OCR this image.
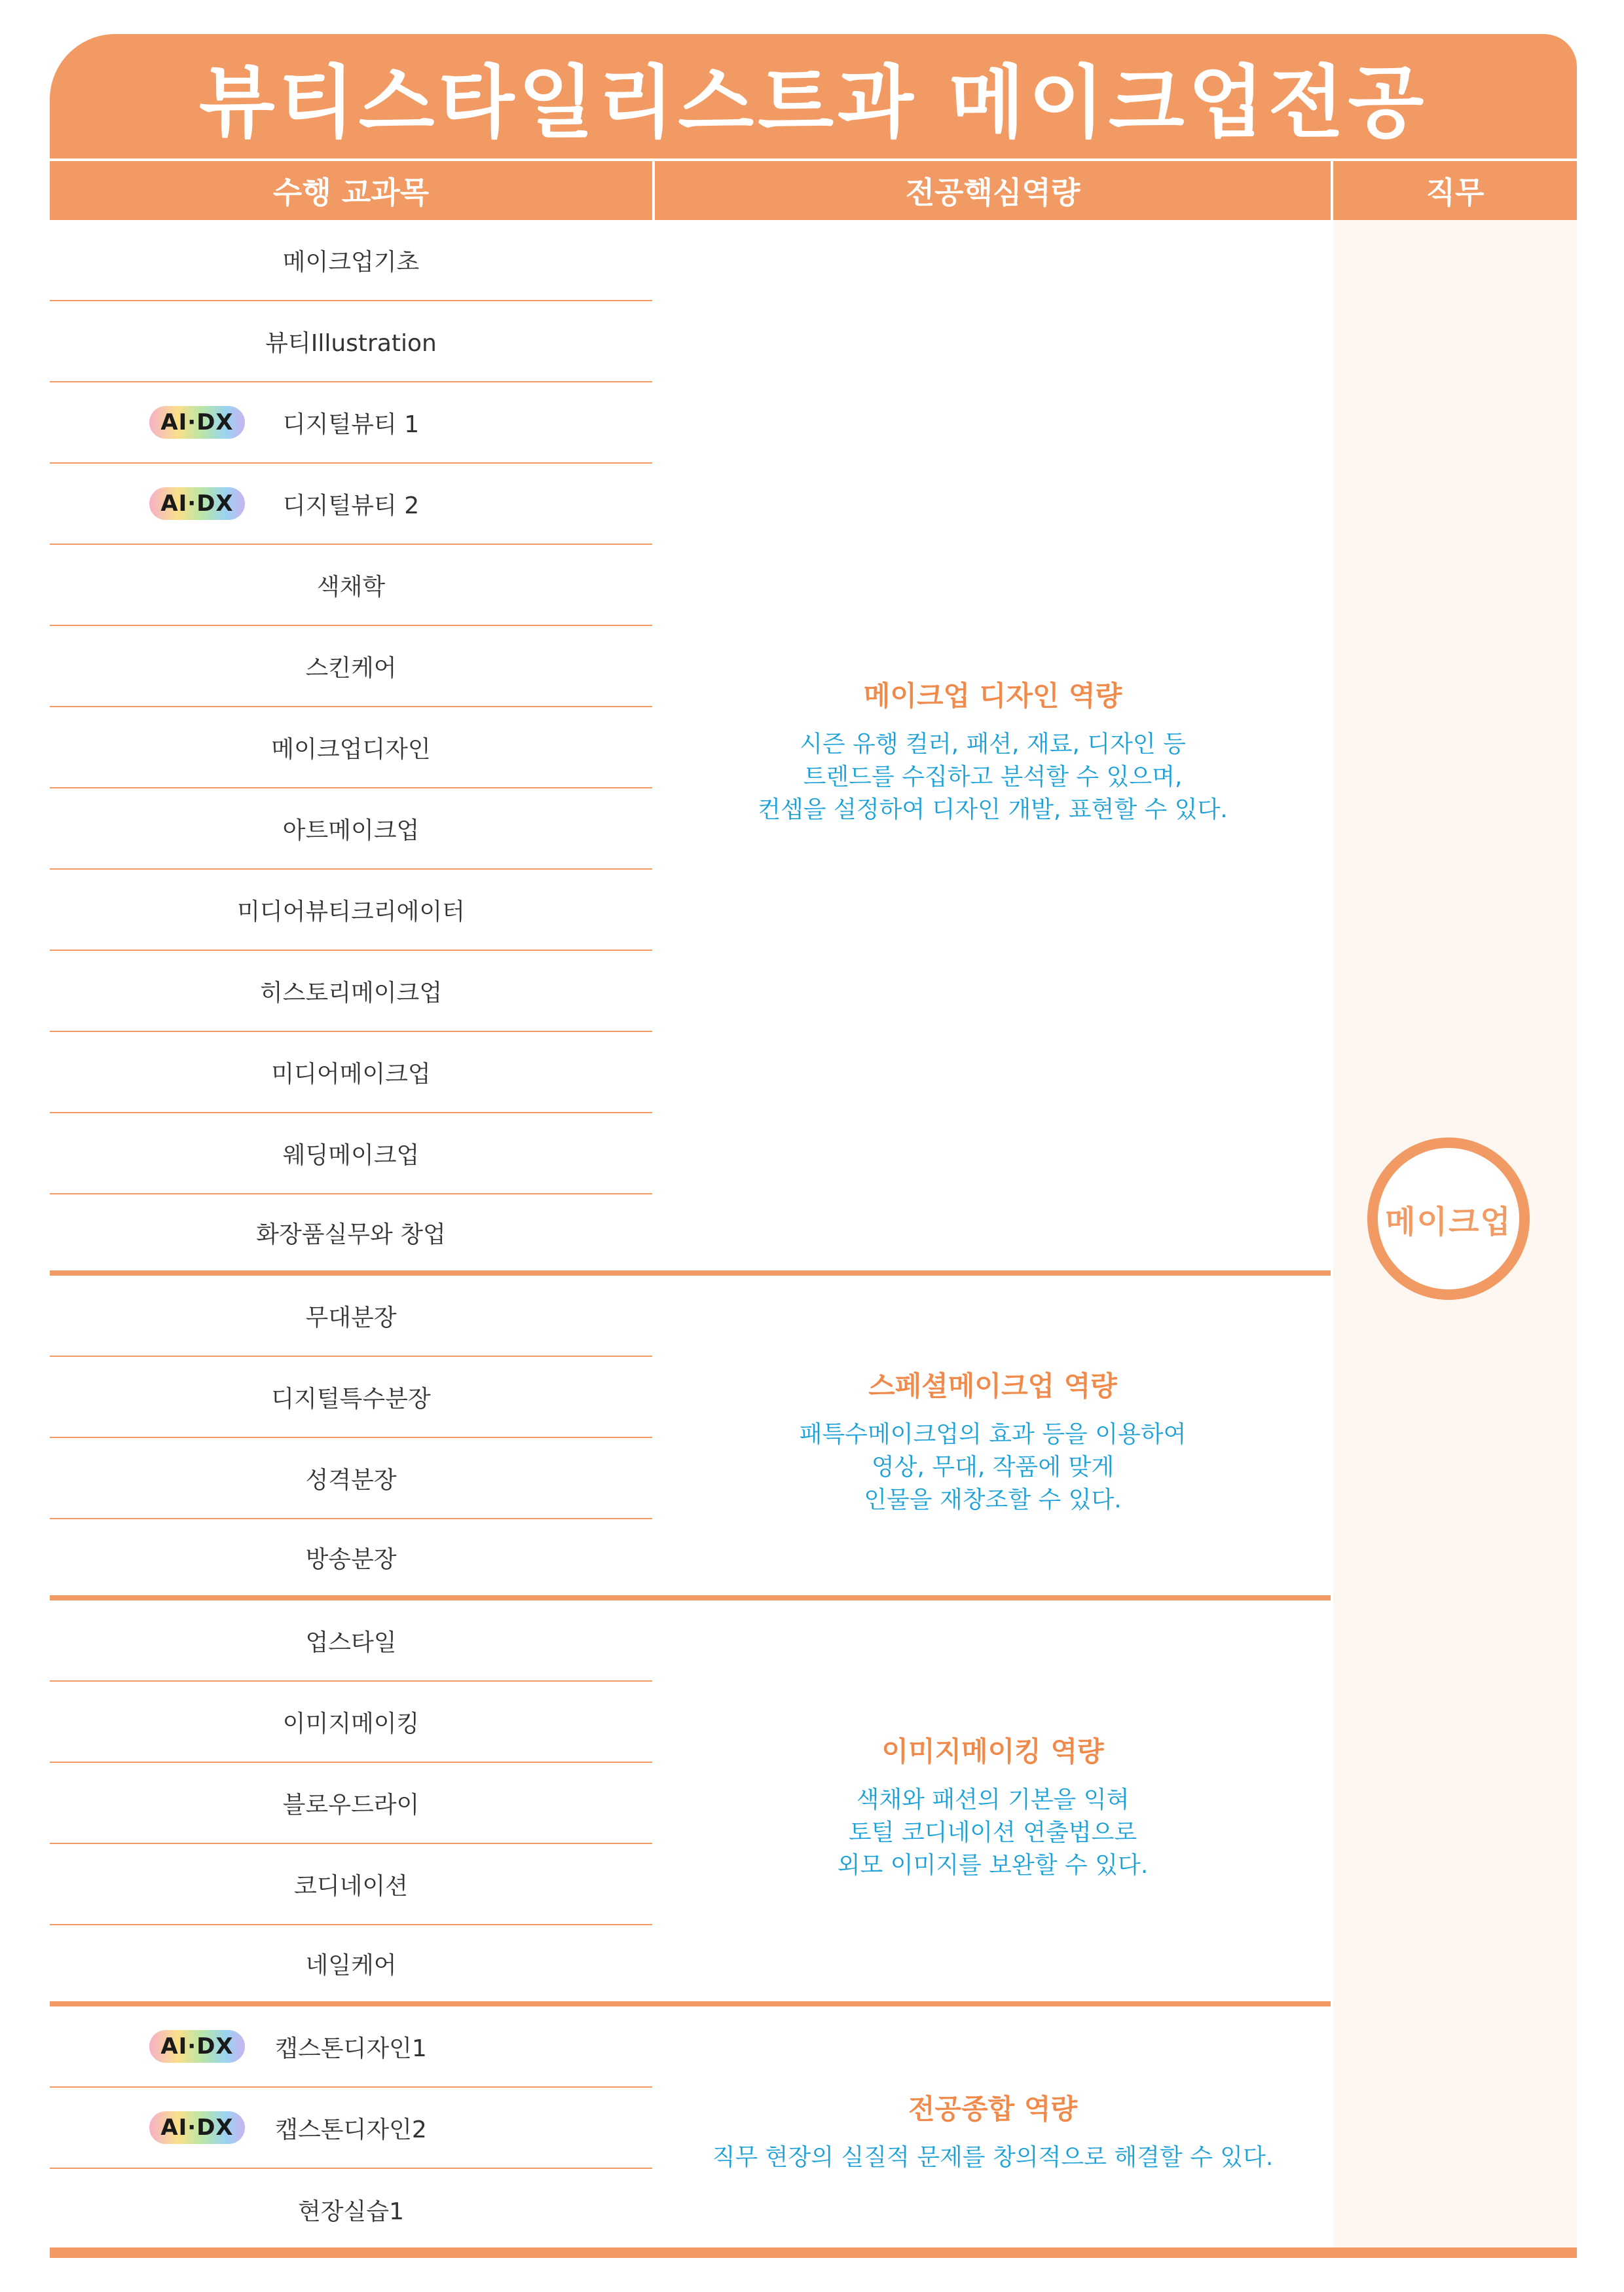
뷰티스타일리스트과 메이크업전공
수행 교과목	전공핵심역량	직무
메이크업기초
뷰티Illustration
AI·DX 디지털뷰티 1
AI·DX 디지털뷰티 2
색채학
스킨케어
메이크업디자인
아트메이크업
미디어뷰티크리에이터
히스토리메이크업
미디어메이크업
웨딩메이크업
화장품실무와 창업
무대분장
디지털특수분장
성격분장
방송분장
업스타일
이미지메이킹
블로우드라이
코디네이션
네일케어
AI·DX 캡스톤디자인1
AI·DX 캡스톤디자인2
현장실습1
메이크업 디자인 역량
시즌 유행 컬러, 패션, 재료, 디자인 등
트렌드를 수집하고 분석할 수 있으며,
컨셉을 설정하여 디자인 개발, 표현할 수 있다.
스페셜메이크업 역량
패특수메이크업의 효과 등을 이용하여
영상, 무대, 작품에 맞게
인물을 재창조할 수 있다.
이미지메이킹 역량
색채와 패션의 기본을 익혀
토털 코디네이션 연출법으로
외모 이미지를 보완할 수 있다.
전공종합 역량
직무 현장의 실질적 문제를 창의적으로 해결할 수 있다.
메이크업
